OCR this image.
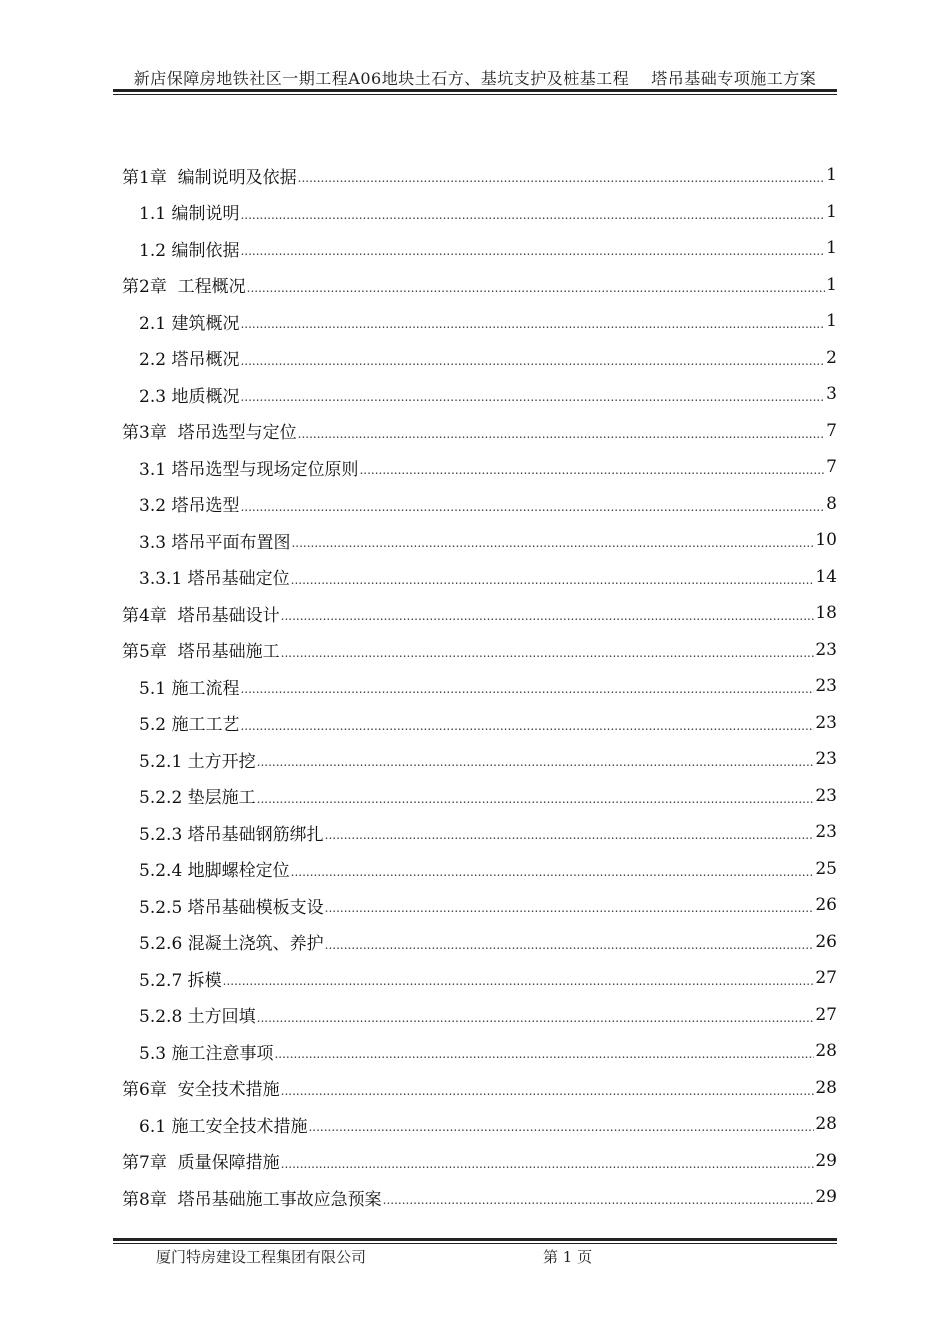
新店保障房地铁社区一期工程A06地块土石方、基坑支护及桩基工程 塔吊基础专项施工方案
第1章  编制说明及依据 .....	1
1.1 编制说明 .....	1
1.2 编制依据 .....	1
第2章  工程概况 .....	1
2.1 建筑概况 .....	1
2.2 塔吊概况 .....	2
2.3 地质概况 .....	3
第3章  塔吊选型与定位 .....	7
3.1 塔吊选型与现场定位原则 .....	7
3.2 塔吊选型 .....	8
3.3 塔吊平面布置图 .....	10
3.3.1 塔吊基础定位 .....	14
第4章  塔吊基础设计 .....	18
第5章  塔吊基础施工 .....	23
5.1 施工流程 .....	23
5.2 施工工艺 .....	23
5.2.1 土方开挖 .....	23
5.2.2 垫层施工 .....	23
5.2.3 塔吊基础钢筋绑扎 .....	23
5.2.4 地脚螺栓定位 .....	25
5.2.5 塔吊基础模板支设 .....	26
5.2.6 混凝土浇筑、养护 .....	26
5.2.7 拆模 .....	27
5.2.8 土方回填 .....	27
5.3 施工注意事项 .....	28
第6章  安全技术措施 .....	28
6.1 施工安全技术措施 .....	28
第7章  质量保障措施 .....	29
第8章  塔吊基础施工事故应急预案 .....	29
厦门特房建设工程集团有限公司	第 1 页
